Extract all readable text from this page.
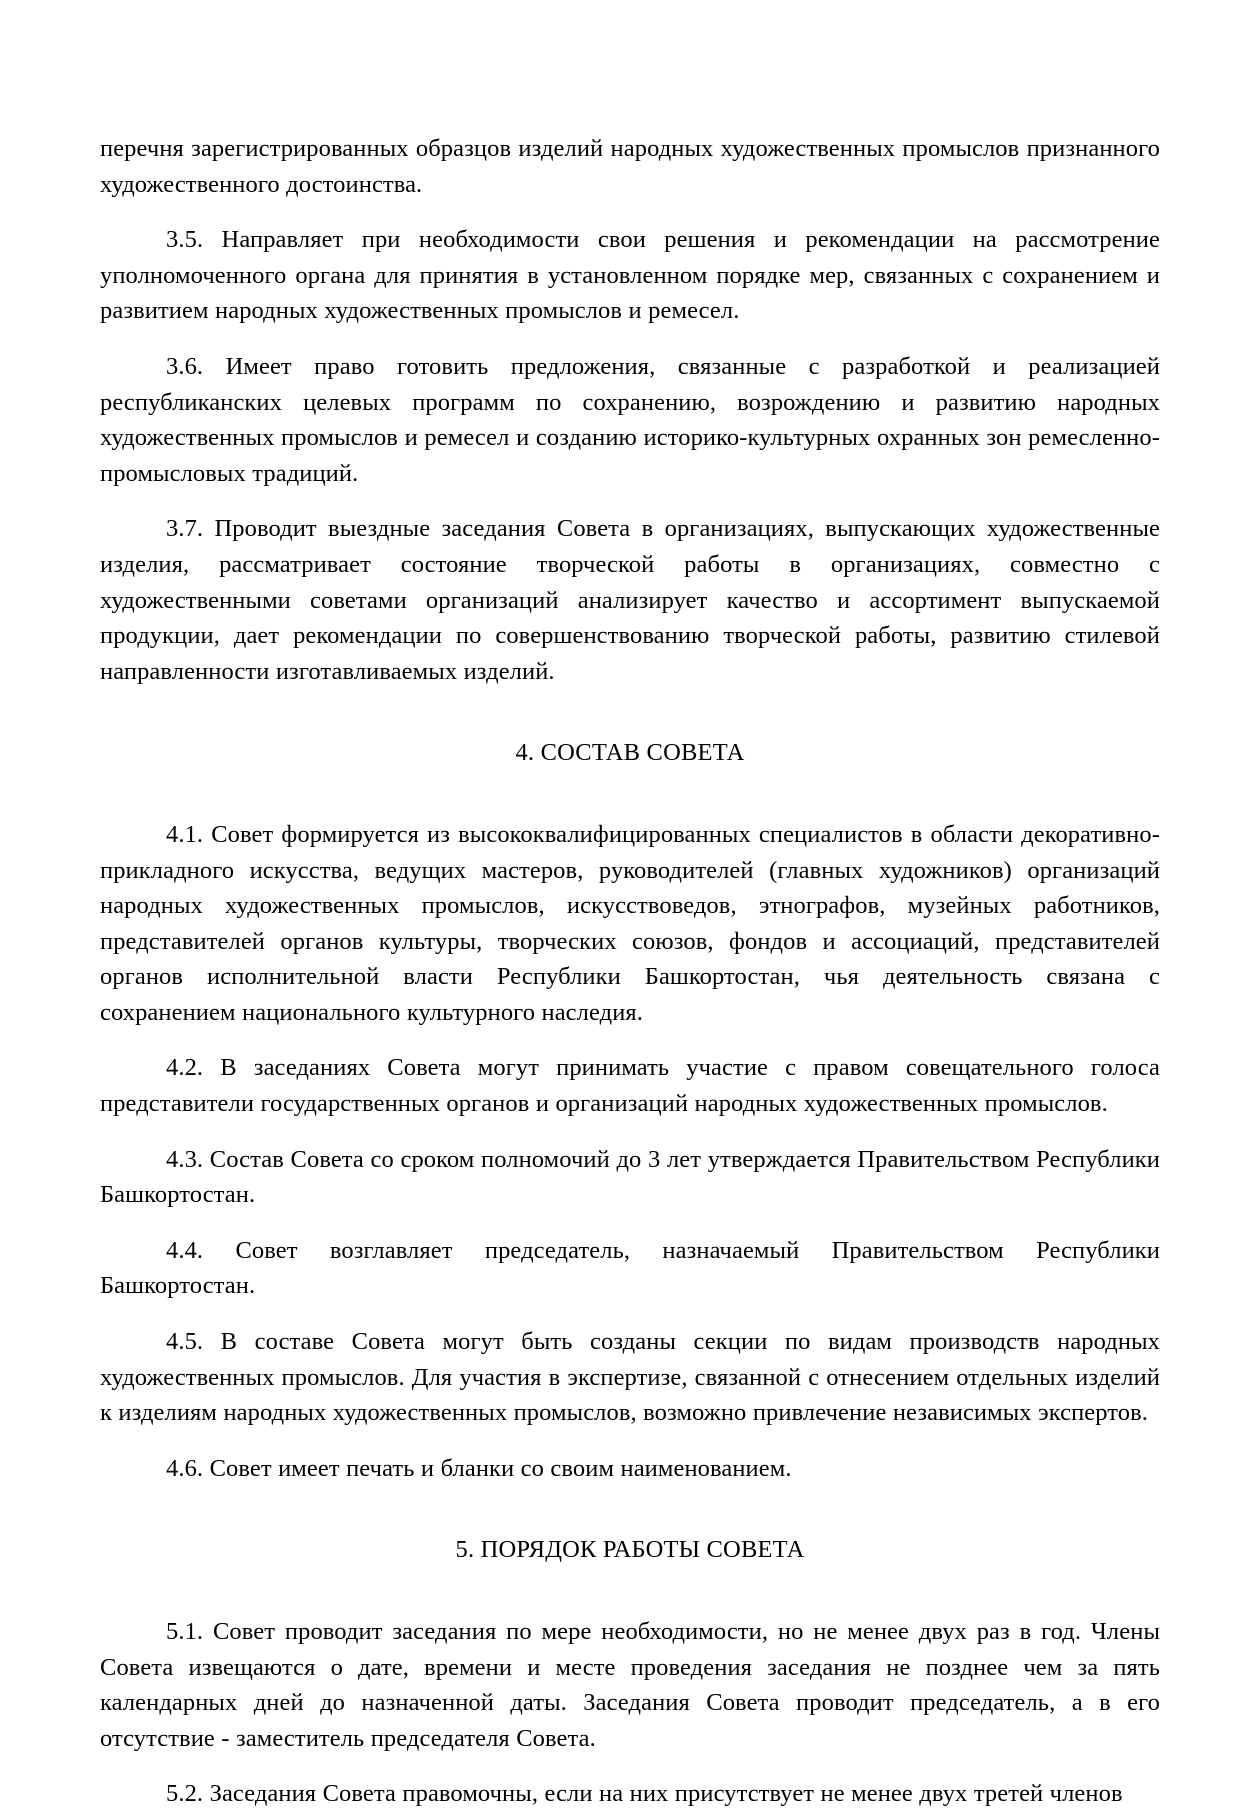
перечня зарегистрированных образцов изделий народных художественных промыслов признанного художественного достоинства.

3.5. Направляет при необходимости свои решения и рекомендации на рассмотрение уполномоченного органа для принятия в установленном порядке мер, связанных с сохранением и развитием народных художественных промыслов и ремесел.

3.6. Имеет право готовить предложения, связанные с разработкой и реализацией республиканских целевых программ по сохранению, возрождению и развитию народных художественных промыслов и ремесел и созданию историко-культурных охранных зон ремесленно-промысловых традиций.

3.7. Проводит выездные заседания Совета в организациях, выпускающих художественные изделия, рассматривает состояние творческой работы в организациях, совместно с художественными советами организаций анализирует качество и ассортимент выпускаемой продукции, дает рекомендации по совершенствованию творческой работы, развитию стилевой направленности изготавливаемых изделий.

4. СОСТАВ СОВЕТА

4.1. Совет формируется из высококвалифицированных специалистов в области декоративно-прикладного искусства, ведущих мастеров, руководителей (главных художников) организаций народных художественных промыслов, искусствоведов, этнографов, музейных работников, представителей органов культуры, творческих союзов, фондов и ассоциаций, представителей органов исполнительной власти Республики Башкортостан, чья деятельность связана с сохранением национального культурного наследия.

4.2. В заседаниях Совета могут принимать участие с правом совещательного голоса представители государственных органов и организаций народных художественных промыслов.

4.3. Состав Совета со сроком полномочий до 3 лет утверждается Правительством Республики Башкортостан.

4.4. Совет возглавляет председатель, назначаемый Правительством Республики Башкортостан.

4.5. В составе Совета могут быть созданы секции по видам производств народных художественных промыслов. Для участия в экспертизе, связанной с отнесением отдельных изделий к изделиям народных художественных промыслов, возможно привлечение независимых экспертов.

4.6. Совет имеет печать и бланки со своим наименованием.

5. ПОРЯДОК РАБОТЫ СОВЕТА

5.1. Совет проводит заседания по мере необходимости, но не менее двух раз в год. Члены Совета извещаются о дате, времени и месте проведения заседания не позднее чем за пять календарных дней до назначенной даты. Заседания Совета проводит председатель, а в его отсутствие - заместитель председателя Совета.

5.2. Заседания Совета правомочны, если на них присутствует не менее двух третей членов
